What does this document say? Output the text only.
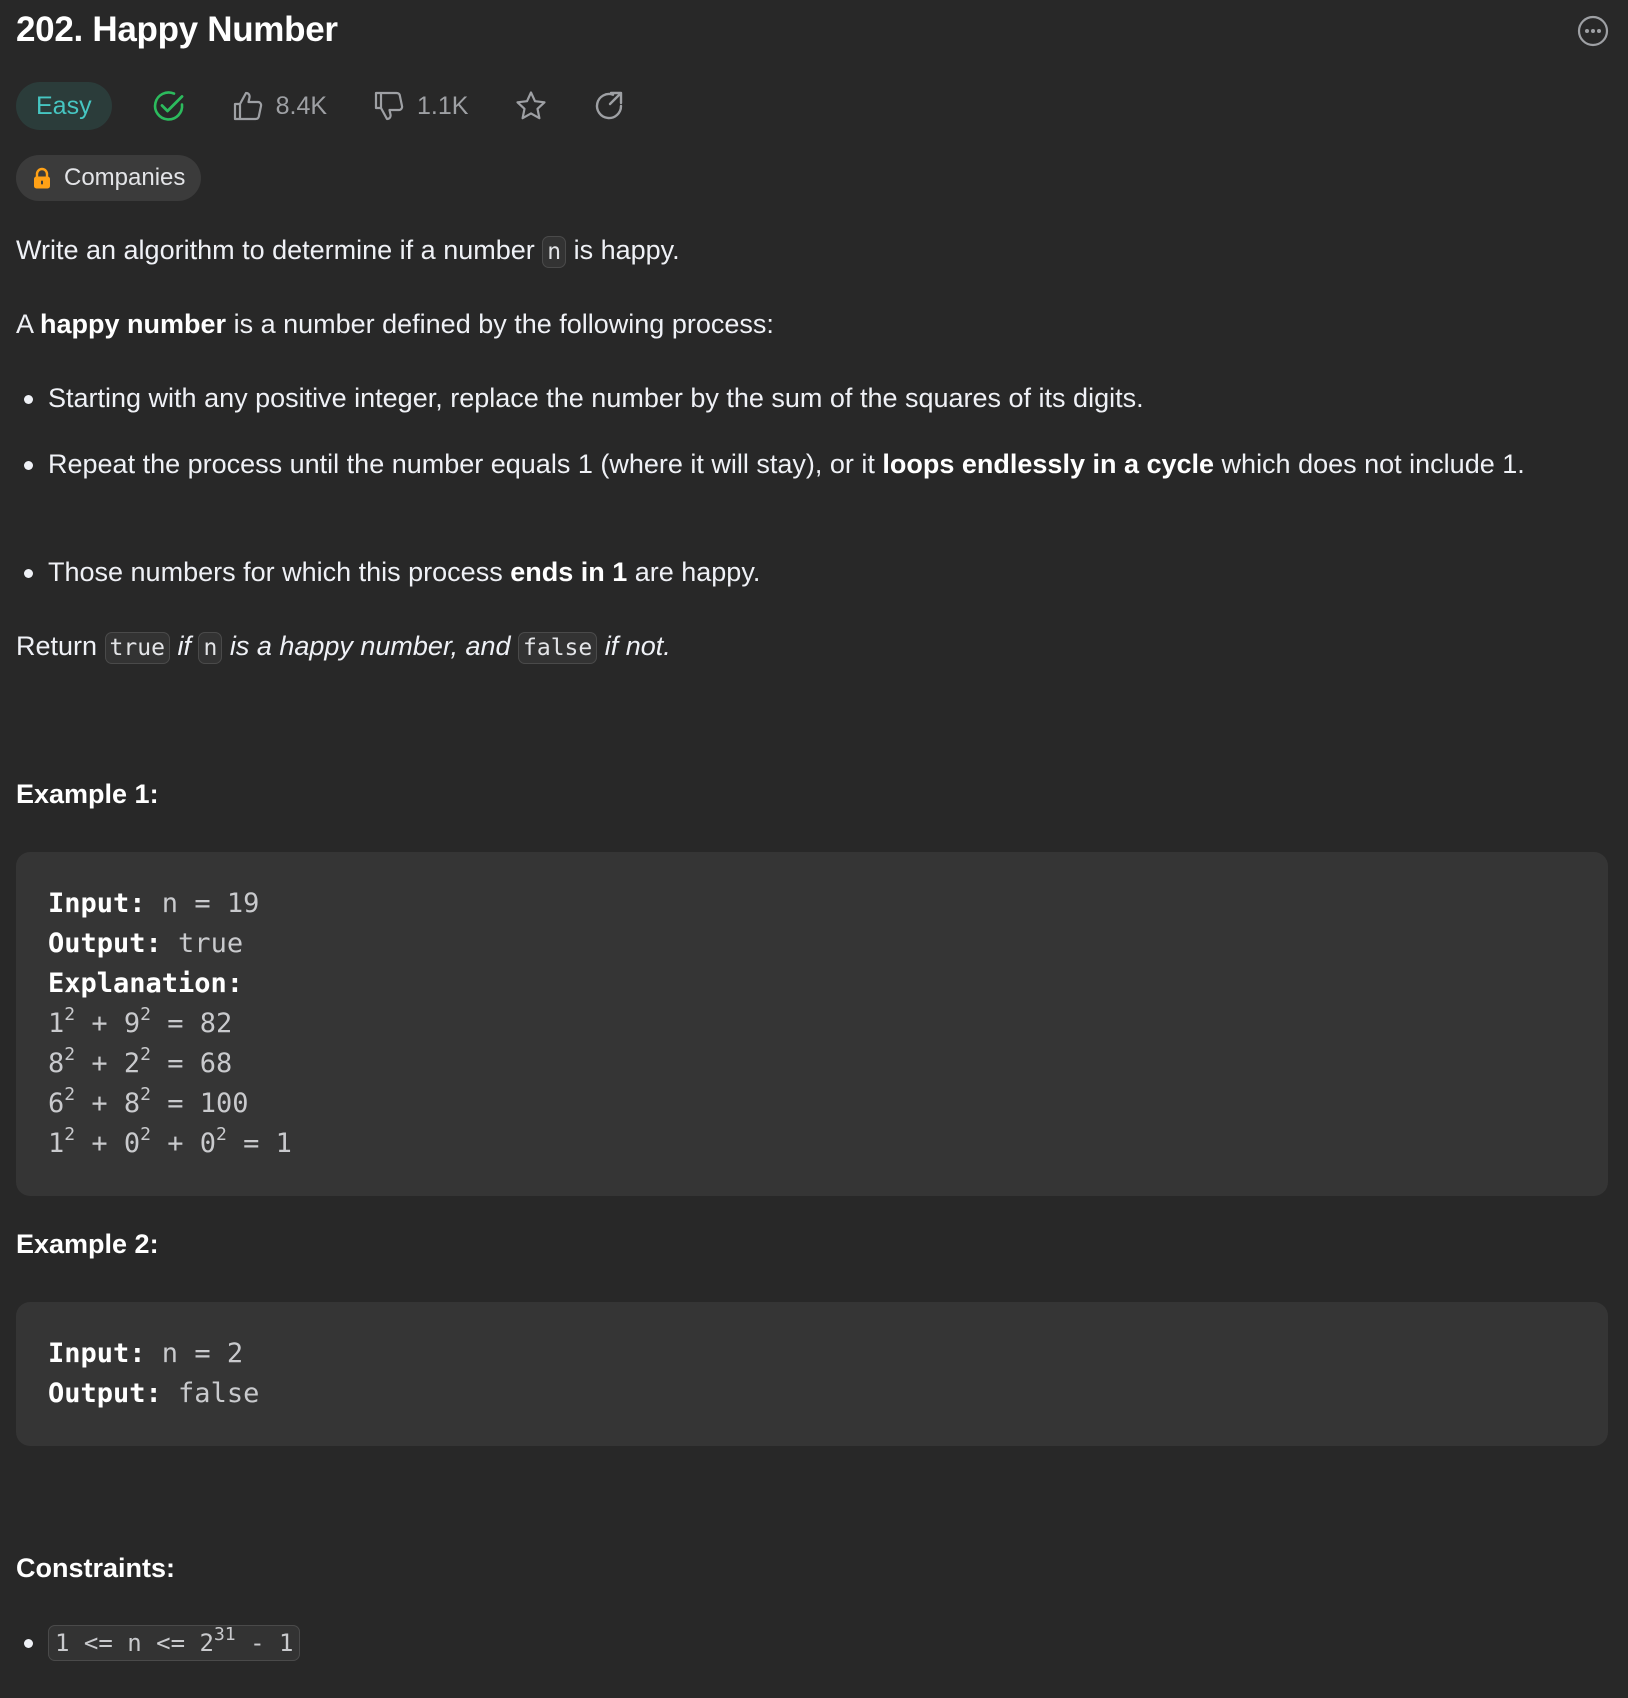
202. Happy Number
Easy	8.4K	1.1K
Companies
Write an algorithm to determine if a number n is happy.
A happy number is a number defined by the following process:
Starting with any positive integer, replace the number by the sum of the squares of its digits.
Repeat the process until the number equals 1 (where it will stay), or it loops endlessly in a cycle which does not include 1.
Those numbers for which this process ends in 1 are happy.
Return true if n is a happy number, and false if not.
Example 1:
Input: n = 19
Output: true
Explanation:
$1^2 + 9^2 = 82$
$8^2 + 2^2 = 68$
$6^2 + 8^2 = 100$
$1^2 + 0^2 + 0^2 = 1$
Example 2:
Input: n = 2
Output: false
Constraints:
$1 <= n <= 2^{31} - 1$
